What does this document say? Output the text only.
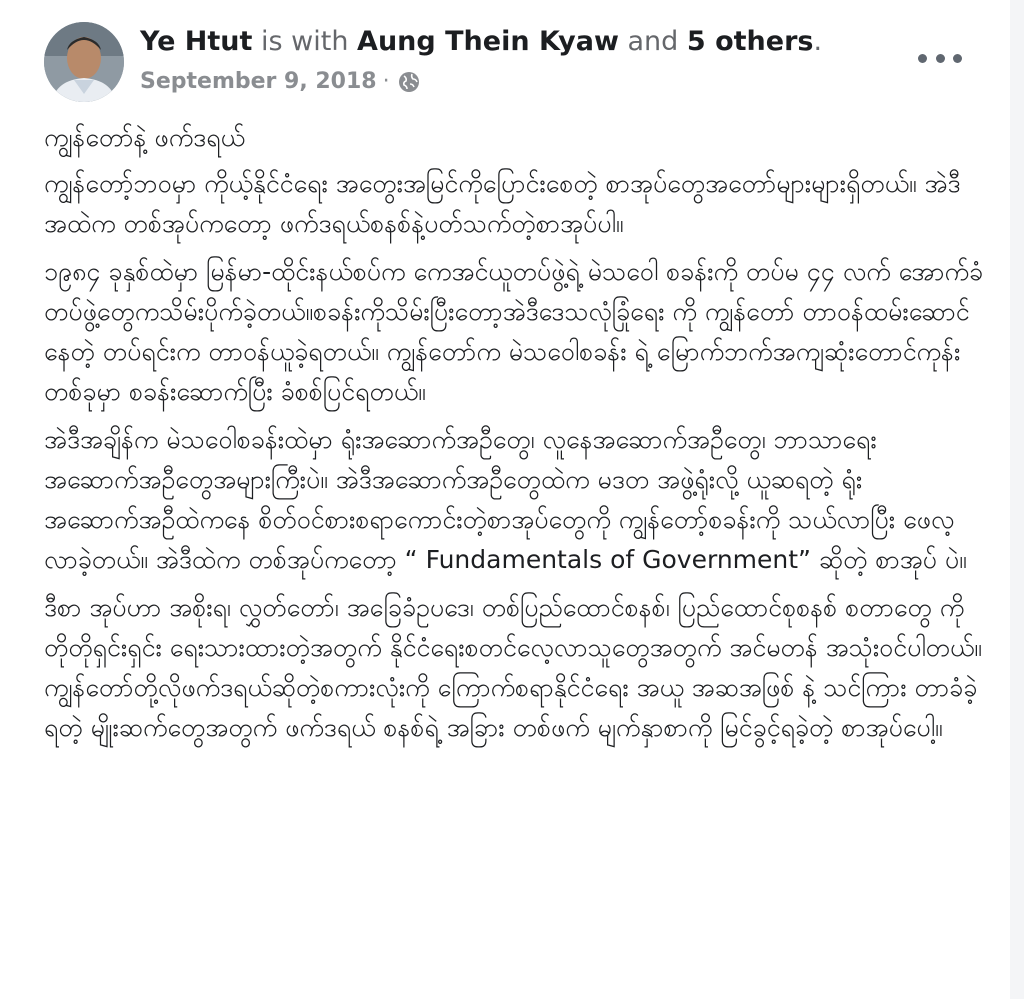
Ye Htut is with Aung Thein Kyaw and 5 others.
September 9, 2018 ·

ကျွန်တော်နဲ့ ဖက်ဒရယ်

ကျွန်တော့်ဘဝမှာ ကိုယ့်နိုင်ငံရေး အတွေးအမြင်ကိုပြောင်းစေတဲ့ စာအုပ်တွေအတော်များများရှိတယ်။ အဲဒီအထဲက တစ်အုပ်ကတော့ ဖက်ဒရယ်စနစ်နဲ့ပတ်သက်တဲ့စာအုပ်ပါ။

၁၉၈၄ ခုနှစ်ထဲမှာ မြန်မာ-ထိုင်းနယ်စပ်က ကေအင်ယူတပ်ဖွဲ့ရဲ့ မဲသဝေါ စခန်းကို တပ်မ ၄၄ လက် အောက်ခံတပ်ဖွဲ့တွေကသိမ်းပိုက်ခဲ့တယ်။စခန်းကိုသိမ်းပြီးတော့အဲဒီဒေသလုံခြုံရေး ကို ကျွန်တော် တာဝန်ထမ်းဆောင်နေတဲ့ တပ်ရင်းက တာဝန်ယူခဲ့ရတယ်။ ကျွန်တော်က မဲသဝေါစခန်း ရဲ့ မြောက်ဘက်အကျဆုံးတောင်ကုန်းတစ်ခုမှာ စခန်းဆောက်ပြီး ခံစစ်ပြင်ရတယ်။

အဲဒီအချိန်က မဲသဝေါစခန်းထဲမှာ ရုံးအဆောက်အဦတွေ၊ လူနေအဆောက်အဦတွေ၊ ဘာသာရေး အဆောက်အဦတွေအများကြီးပဲ။ အဲဒီအဆောက်အဦတွေထဲက မဒတ အဖွဲ့ရုံးလို့ ယူဆရတဲ့ ရုံး အဆောက်အဦထဲကနေ စိတ်ဝင်စားစရာကောင်းတဲ့စာအုပ်တွေကို ကျွန်တော့်စခန်းကို သယ်လာပြီး ဖေလ့လာခဲ့တယ်။ အဲဒီထဲက တစ်အုပ်ကတော့ “ Fundamentals of Government” ဆိုတဲ့ စာအုပ် ပဲ။

ဒီစာ အုပ်ဟာ အစိုးရ၊ လွှတ်တော်၊ အခြေခံဥပဒေ၊ တစ်ပြည်ထောင်စနစ်၊ ပြည်ထောင်စုစနစ် စတာတွေ ကို တိုတိုရှင်းရှင်း ရေးသားထားတဲ့အတွက် နိုင်ငံရေးစတင်လေ့လာသူတွေအတွက် အင်မတန် အသုံးဝင်ပါတယ်။ ကျွန်တော်တို့လိုဖက်ဒရယ်ဆိုတဲ့စကားလုံးကို ကြောက်စရာနိုင်ငံရေး အယူ အဆအဖြစ် နဲ့ သင်ကြား တာခံခဲ့ရတဲ့ မျိုးဆက်တွေအတွက် ဖက်ဒရယ် စနစ်ရဲ့ အခြား တစ်ဖက် မျက်နှာစာကို မြင်ခွင့်ရခဲ့တဲ့ စာအုပ်ပေါ့။
